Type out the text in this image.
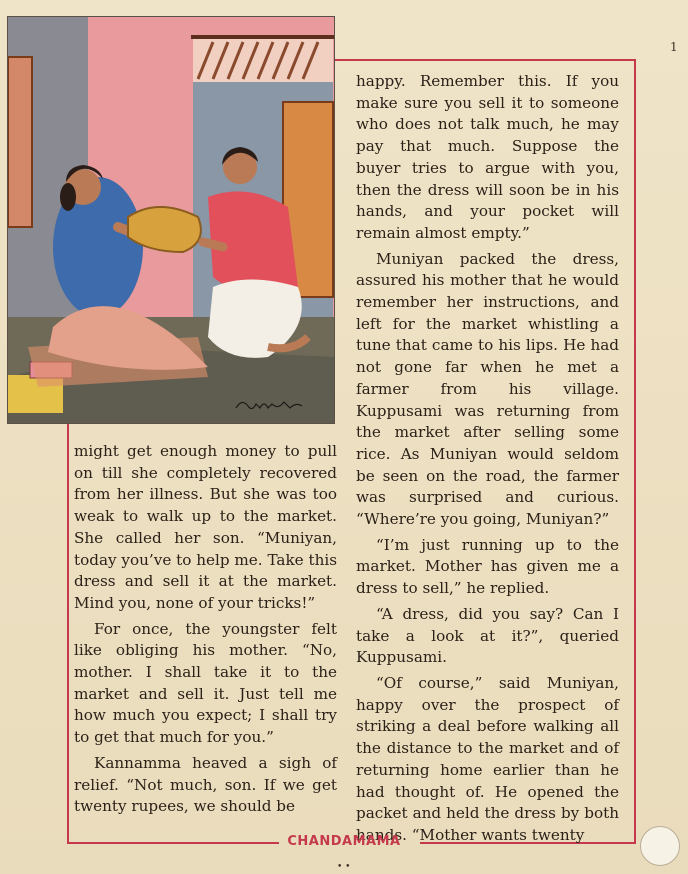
1

might get enough money to pull on till she completely recovered from her illness. But she was too weak to walk up to the market. She called her son. “Muniyan, today you’ve to help me. Take this dress and sell it at the market. Mind you, none of your tricks!”

For once, the youngster felt like obliging his mother. “No, mother. I shall take it to the market and sell it. Just tell me how much you expect; I shall try to get that much for you.”

Kannamma heaved a sigh of relief. “Not much, son. If we get twenty rupees, we should be

happy. Remember this. If you make sure you sell it to someone who does not talk much, he may pay that much. Suppose the buyer tries to argue with you, then the dress will soon be in his hands, and your pocket will remain almost empty.”

Muniyan packed the dress, assured his mother that he would remember her instructions, and left for the market whistling a tune that came to his lips. He had not gone far when he met a farmer from his village. Kuppusami was returning from the market after selling some rice. As Muniyan would seldom be seen on the road, the farmer was surprised and curious. “Where’re you going, Muniyan?”

“I’m just running up to the market. Mother has given me a dress to sell,” he replied.

“A dress, did you say? Can I take a look at it?”, queried Kuppusami.

“Of course,” said Muniyan, happy over the prospect of striking a deal before walking all the distance to the market and of returning home earlier than he had thought of. He opened the packet and held the dress by both hands. “Mother wants twenty

CHANDAMAMA
• •
